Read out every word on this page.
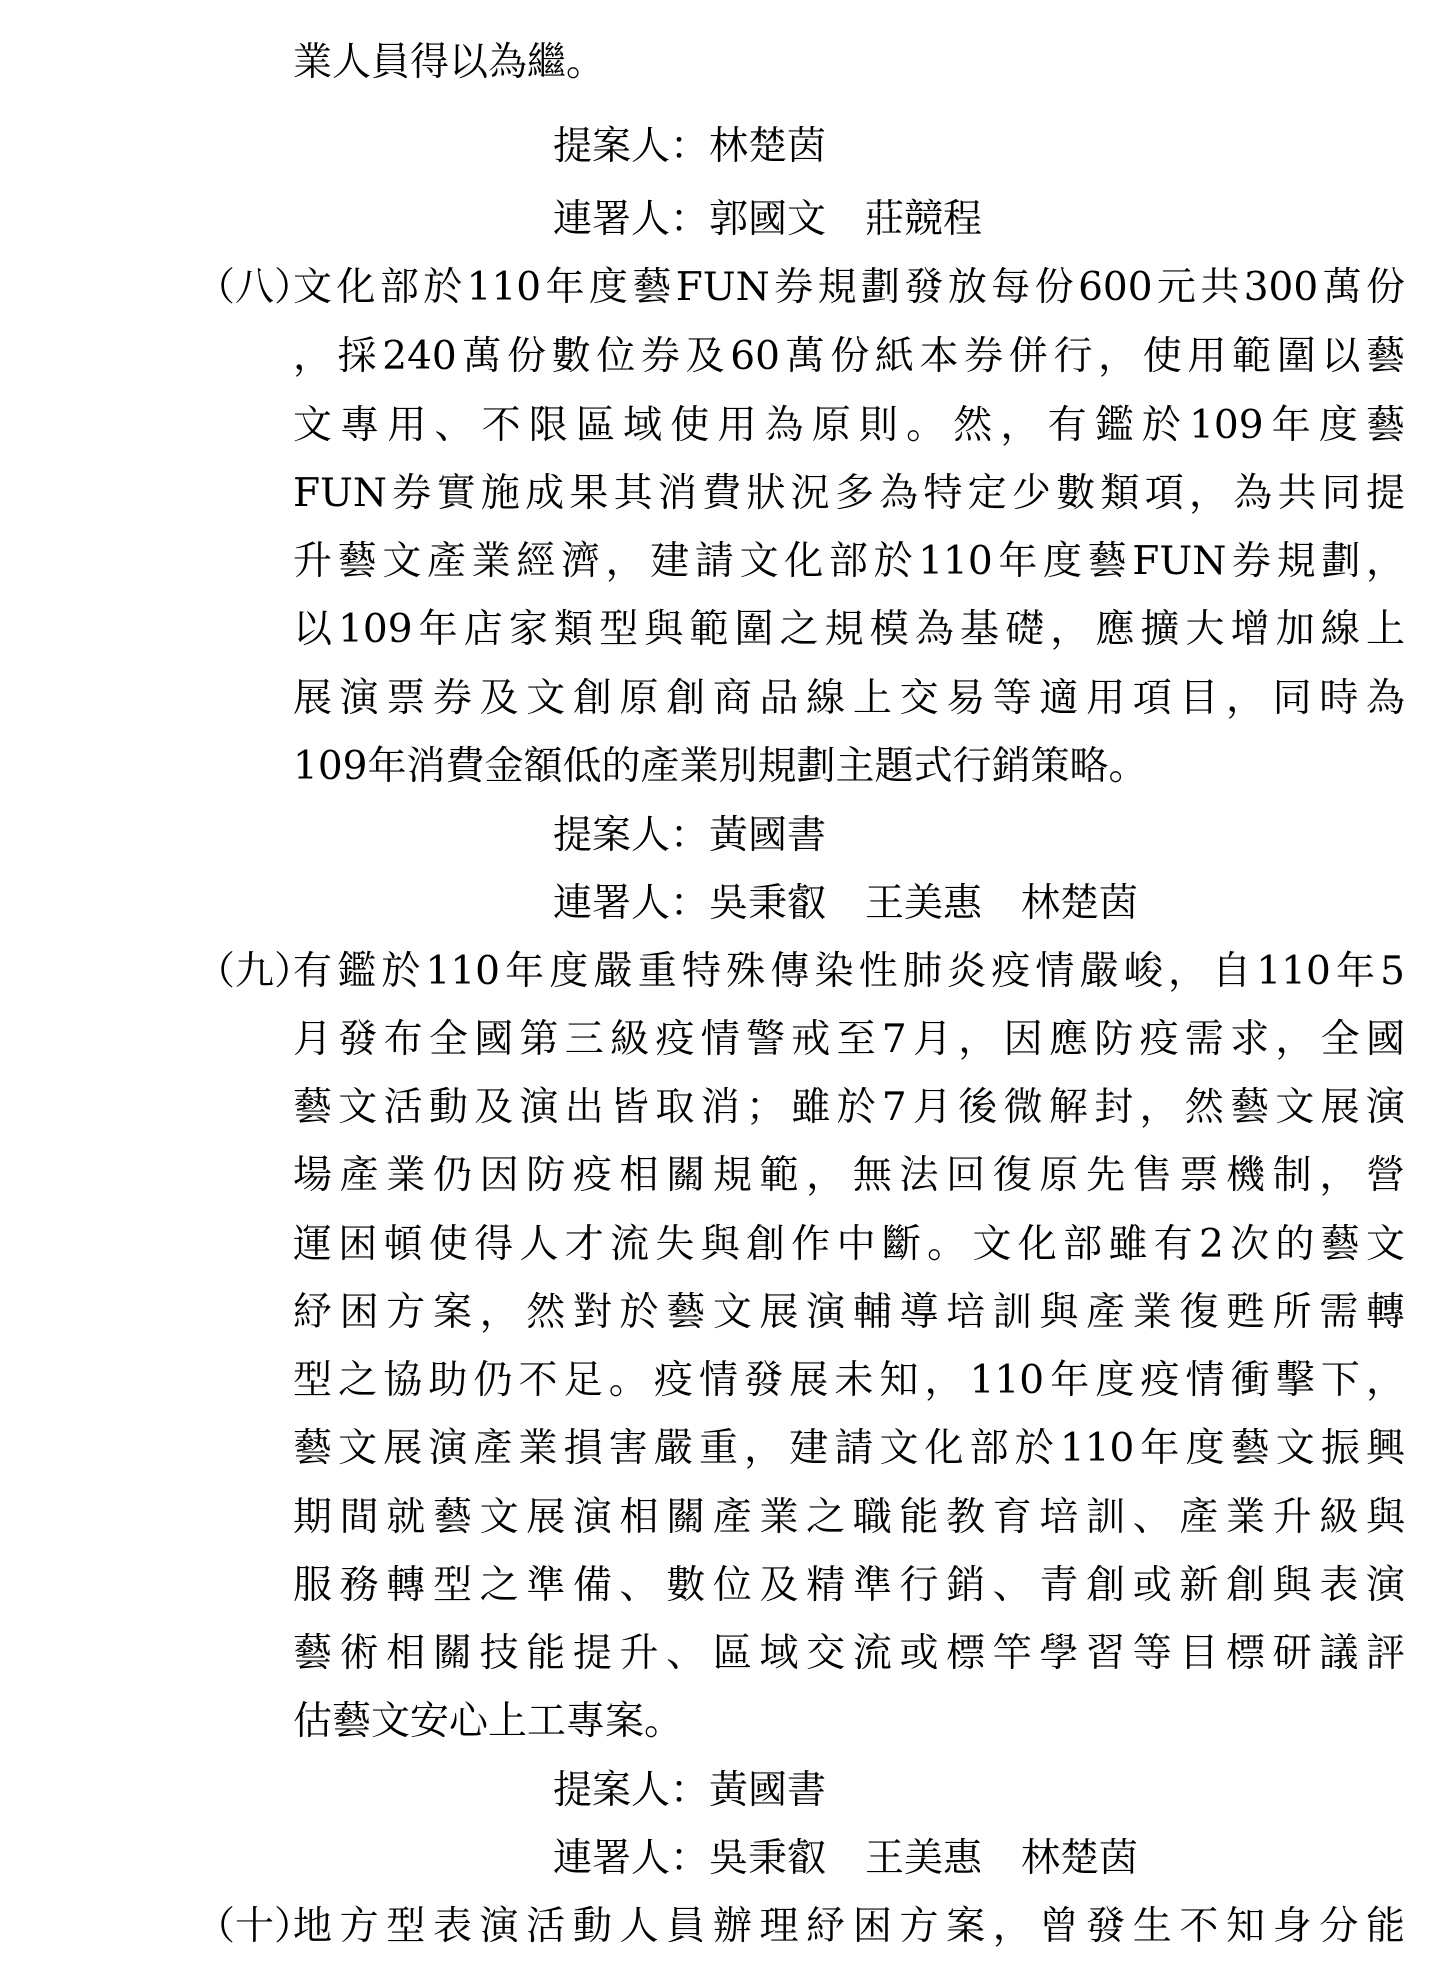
業人員得以為繼。

提案人：林楚茵

連署人：郭國文　莊競程

（八）

文化部於110年度藝FUN券規劃發放每份600元共300萬份

，採240萬份數位券及60萬份紙本券併行，使用範圍以藝

文專用、不限區域使用為原則。然，有鑑於109年度藝

FUN券實施成果其消費狀況多為特定少數類項，為共同提

升藝文產業經濟，建請文化部於110年度藝FUN券規劃，

以109年店家類型與範圍之規模為基礎，應擴大增加線上

展演票券及文創原創商品線上交易等適用項目，同時為

109年消費金額低的產業別規劃主題式行銷策略。

提案人：黃國書

連署人：吳秉叡　王美惠　林楚茵

（九）

有鑑於110年度嚴重特殊傳染性肺炎疫情嚴峻，自110年5

月發布全國第三級疫情警戒至7月，因應防疫需求，全國

藝文活動及演出皆取消；雖於7月後微解封，然藝文展演

場產業仍因防疫相關規範，無法回復原先售票機制，營

運困頓使得人才流失與創作中斷。文化部雖有2次的藝文

紓困方案，然對於藝文展演輔導培訓與產業復甦所需轉

型之協助仍不足。疫情發展未知，110年度疫情衝擊下，

藝文展演產業損害嚴重，建請文化部於110年度藝文振興

期間就藝文展演相關產業之職能教育培訓、產業升級與

服務轉型之準備、數位及精準行銷、青創或新創與表演

藝術相關技能提升、區域交流或標竿學習等目標研議評

估藝文安心上工專案。

提案人：黃國書

連署人：吳秉叡　王美惠　林楚茵

（十）

地方型表演活動人員辦理紓困方案，曾發生不知身分能
